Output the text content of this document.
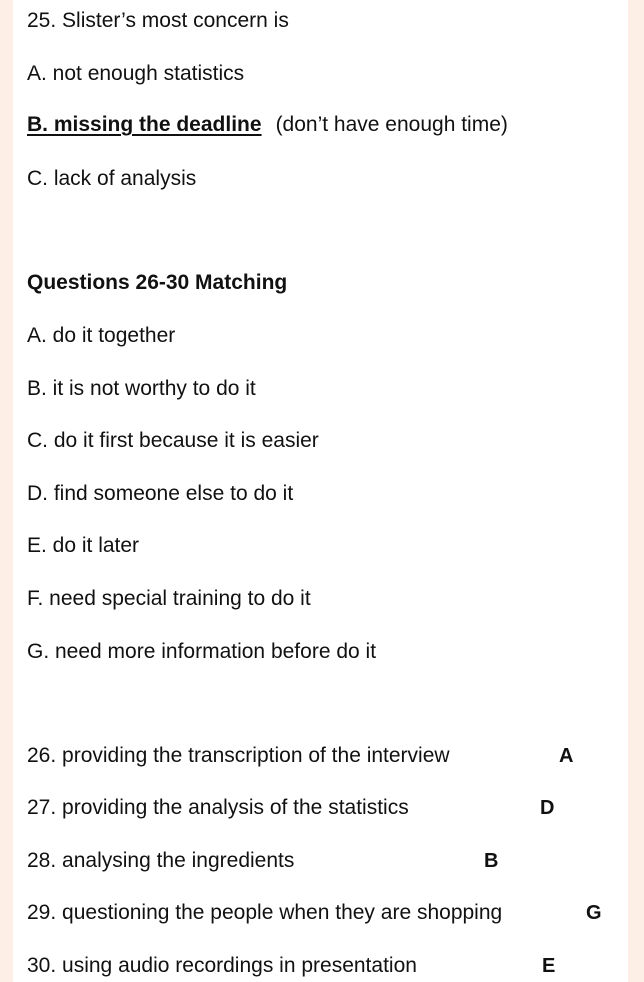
25. Slister’s most concern is
A. not enough statistics
B. missing the deadline (don’t have enough time)
C. lack of analysis
Questions 26-30 Matching
A. do it together
B. it is not worthy to do it
C. do it first because it is easier
D. find someone else to do it
E. do it later
F. need special training to do it
G. need more information before do it
26. providing the transcription of the interview	A
27. providing the analysis of the statistics	D
28. analysing the ingredients	B
29. questioning the people when they are shopping	G
30. using audio recordings in presentation	E
